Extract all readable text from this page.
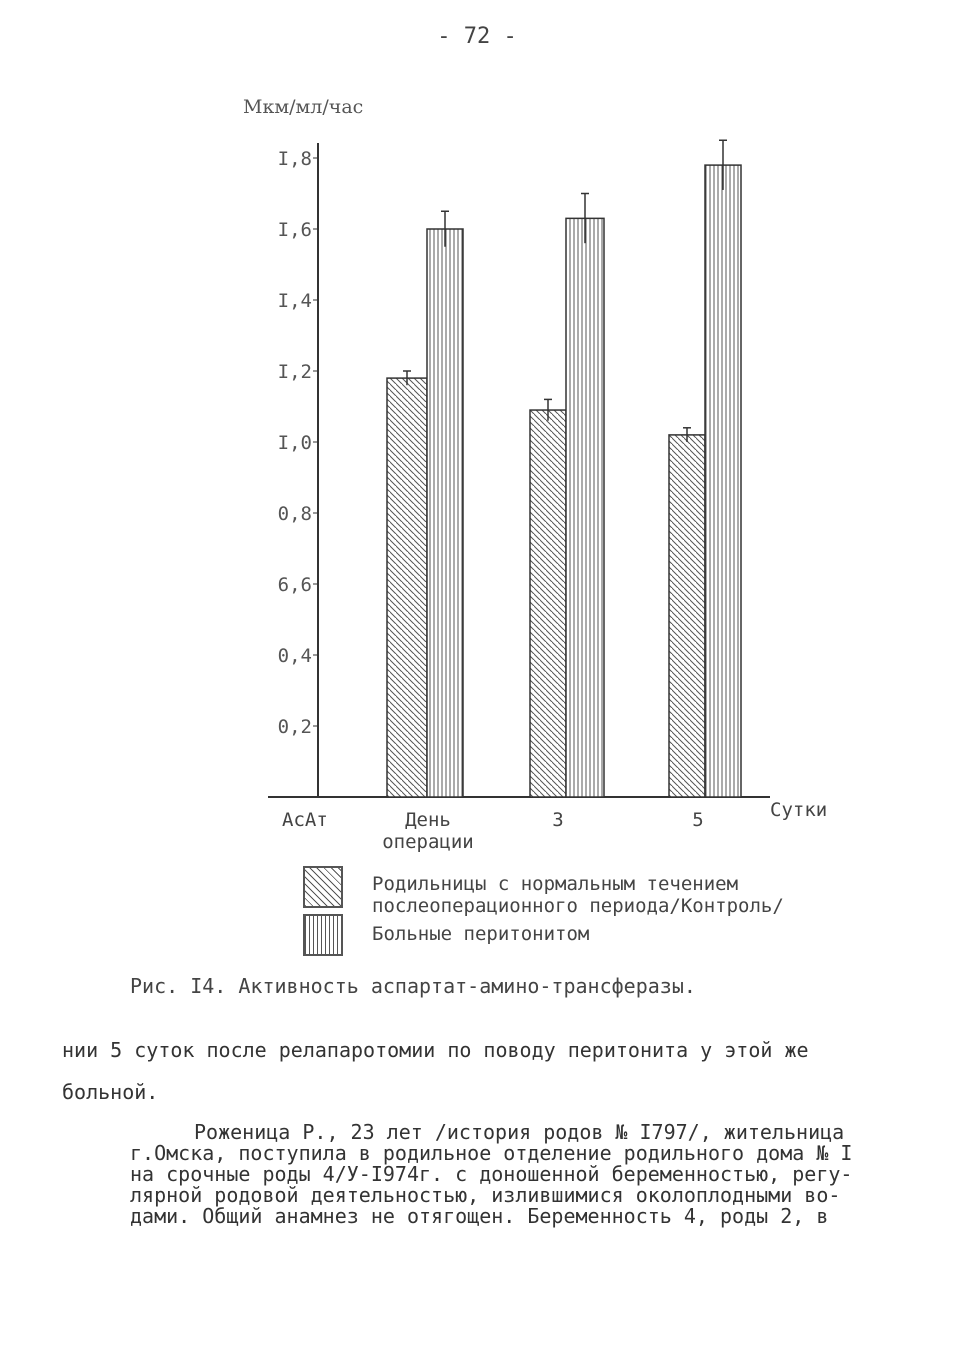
- 72 -
Мкм/мл/час
0,2
0,4
6,6
0,8
I,0
I,2
I,4
I,6
I,8
День
операции
3	5
АсАт	Сутки
Родильницы с нормальным течением
послеоперационного периода/Контроль/
Больные перитонитом
Рис. I4. Активность аспартат-амино-трансферазы.
нии 5 суток после релапаротомии по поводу перитонита у этой же
больной.
Роженица Р., 23 лет /история родов № I797/, жительница
г.Омска, поступила в родильное отделение родильного дома № I
на срочные роды 4/У-I974г. с доношенной беременностью, регу-
лярной родовой деятельностью, излившимися околоплодными во-
дами. Общий анамнез не отягощен. Беременность 4, роды 2, в
